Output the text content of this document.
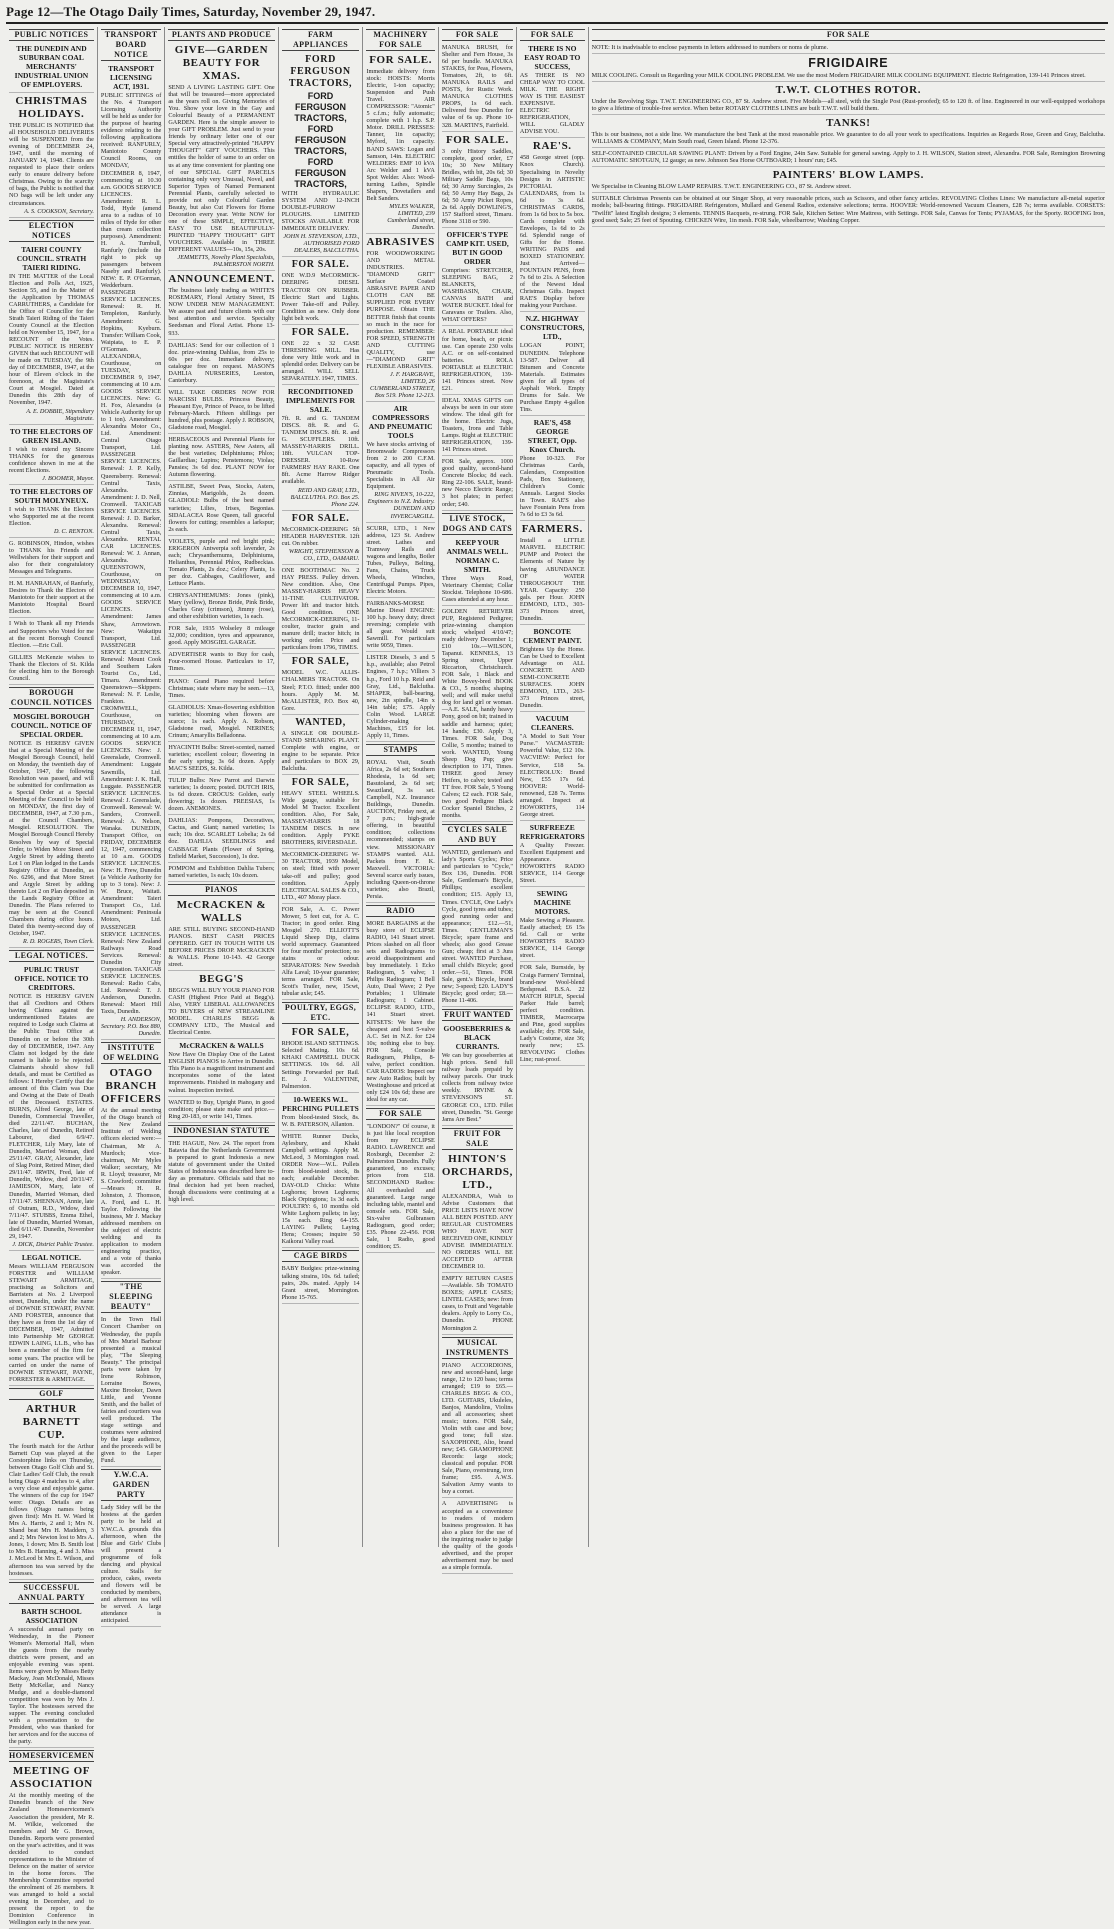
Page 12—The Otago Daily Times, Saturday, November 29, 1947.
PUBLIC NOTICES
THE DUNEDIN AND SUBURBAN COAL MERCHANTS' INDUSTRIAL UNION OF EMPLOYERS.
CHRISTMAS HOLIDAYS.

THE PUBLIC IS NOTIFIED that all HOUSEHOLD DELIVERIES will be SUSPENDED from the evening of DECEMBER 24, 1947, until the morning of JANUARY 14, 1948. Clients are requested to place their orders early to ensure delivery before Christmas. Owing to the scarcity of bags, the Public is notified that NO bags will be left under any circumstances.

A. S. COOKSON, Secretary.
ELECTION NOTICES
TAIERI COUNTY COUNCIL. STRATH TAIERI RIDING.

IN THE MATTER of the Local Election and Polls Act, 1925, Section 55, and in the Matter of the Application by THOMAS CARRUTHERS, a Candidate for the Office of Councillor for the Strath Taieri Riding of the Taieri County Council at the Election held on November 15, 1947, for a RECOUNT of the Votes. PUBLIC NOTICE IS HEREBY GIVEN that such RECOUNT will be made on TUESDAY, the 9th day of DECEMBER, 1947, at the hour of Eleven o'clock in the forenoon, at the Magistrate's Court at Mosgiel. Dated at Dunedin this 28th day of November, 1947.

A. E. DOBBIE, Stipendiary Magistrate.
TO THE ELECTORS OF GREEN ISLAND.

I wish to extend my Sincere THANKS for the generous confidence shown in me at the recent Elections.

J. BOOMER, Mayor.
TO THE ELECTORS OF SOUTH MOLYNEUX.

I wish to THANK the Electors who Supported me at the recent Election.

D. C. RENTON.

G. ROBINSON, Hindon, wishes to THANK his Friends and Wellwishers for their support and also for their congratulatory Messages and Telegrams.

H. M. HANRAHAN, of Ranfurly, Desires to Thank the Electors of Maniototo for their support at the Maniototo Hospital Board Election.

I Wish to Thank all my Friends and Supporters who Voted for me at the recent Borough Council Election. —Eric Cull.

GILLIES McKenzie wishes to Thank the Electors of St. Kilda for electing him to the Borough Council.

BOROUGH COUNCIL NOTICES
MOSGIEL BOROUGH COUNCIL. NOTICE OF SPECIAL ORDER.

NOTICE IS HEREBY GIVEN that at a Special Meeting of the Mosgiel Borough Council, held on Monday, the twentieth day of October, 1947, the following Resolution was passed, and will be submitted for confirmation as a Special Order at a Special Meeting of the Council to be held on MONDAY, the first day of DECEMBER, 1947, at 7.30 p.m., at the Council Chambers, Mosgiel. RESOLUTION. The Mosgiel Borough Council Hereby Resolves by way of Special Order, to Widen More Street and Argyle Street by adding thereto Lot 1 on Plan lodged in the Lands Registry Office at Dunedin, as No. 6296, and that More Street and Argyle Street by adding thereto Lot 2 on Plan deposited in the Lands Registry Office at Dunedin. The Plans referred to may be seen at the Council Chambers during office hours. Dated this twenty-second day of October, 1947.

R. D. ROGERS, Town Clerk.
LEGAL NOTICES.
PUBLIC TRUST OFFICE. NOTICE TO CREDITORS.

NOTICE IS HEREBY GIVEN that all Creditors and Others having Claims against the undermentioned Estates are required to Lodge such Claims at the Public Trust Office at Dunedin on or before the 30th day of DECEMBER, 1947. Any Claim not lodged by the date named is liable to be rejected. Claimants should show full details, and must be Certified as follows: I Hereby Certify that the amount of this Claim was Due and Owing at the Date of Death of the Deceased. ESTATES. BURNS, Alfred George, late of Dunedin, Commercial Traveller, died 22/11/47. BUCHAN, Charles, late of Dunedin, Retired Labourer, died 6/9/47. FLETCHER, Lily Mary, late of Dunedin, Married Woman, died 25/11/47. GRAY, Alexander, late of Slag Point, Retired Miner, died 29/11/47. IRWIN, Fred, late of Dunedin, Widow, died 20/11/47. JAMIESON, Mary, late of Dunedin, Married Woman, died 17/11/47. SHENNAN, Annie, late of Outram, R.D., Widow, died 7/11/47. STUBBS, Emma Ethel, late of Dunedin, Married Woman, died 6/11/47. Dunedin, November 29, 1947.

J. DICK, District Public Trustee.
LEGAL NOTICE.

Messrs WILLIAM FERGUSON FORSTER and WILLIAM STEWART ARMITAGE, practising as Solicitors and Barristers at No. 2 Liverpool street, Dunedin, under the name of DOWNIE STEWART, PAYNE AND FORSTER, announce that they have as from the 1st day of DECEMBER, 1947, Admitted into Partnership Mr GEORGE EDWIN LAING, LL.B., who has been a member of the firm for some years. The practice will be carried on under the name of DOWNIE STEWART, PAYNE, FORRESTER & ARMITAGE.

GOLF
ARTHUR BARNETT CUP.

The fourth match for the Arthur Barnett Cup was played at the Corstorphine links on Thursday, between Otago Golf Club and St. Clair Ladies' Golf Club, the result being Otago 4 matches to 4, after a very close and enjoyable game. The winners of the cup for 1947 were: Otago. Details are as follows (Otago names being given first): Mrs H. W. Ward bt Mrs A. Harris, 2 and 1; Mrs N. Shand beat Mrs H. Maddern, 3 and 2; Mrs Newton lost to Mrs A. Jones, 1 down; Mrs B. Smith lost to Mrs B. Hanning, 4 and 3. Miss J. McLeod bt Mrs E. Wilson, and afternoon tea was served by the hostesses.

SUCCESSFUL ANNUAL PARTY
BARTH SCHOOL ASSOCIATION

A successful annual party on Wednesday, in the Pioneer Women's Memorial Hall, when the guests from the nearby districts were present, and an enjoyable evening was spent. Items were given by Misses Betty Mackay, Joan McDonald, Misses Betty McKellar, and Nancy Mudge, and a double-diamond competition was won by Mrs J. Taylor. The hostesses served the supper. The evening concluded with a presentation to the President, who was thanked for her services and for the success of the party.

HOMESERVICEMEN
MEETING OF ASSOCIATION

At the monthly meeting of the Dunedin branch of the New Zealand Homeservicemen's Association the president, Mr R. M. Wilkie, welcomed the members and Mr G. Brown, Dunedin. Reports were presented on the year's activities, and it was decided to conduct representations to the Minister of Defence on the matter of service in the home forces. The Membership Committee reported the enrolment of 26 members. It was arranged to hold a social evening in December, and to present the report to the Dominion Conference in Wellington early in the new year.

TRANSPORT BOARD NOTICE
TRANSPORT LICENSING ACT, 1931.

PUBLIC SITTINGS of the No. 4 Transport Licensing Authority will be held as under for the purpose of hearing evidence relating to the following applications received: RANFURLY, Maniototo County Council Rooms, on MONDAY, DECEMBER 8, 1947, commencing at 10.30 a.m. GOODS SERVICE LICENCES. Amendment: R. L. Todd, Hyde (amend area to a radius of 10 miles of Hyde for other than cream collection purposes). Amendment: H. A. Turnbull, Ranfurly (include the right to pick up passengers between Naseby and Ranfurly). NEW: E. P. O'Gorman, Wedderburn. PASSENGER SERVICE LICENCES. Renewal: R. H. Templeton, Ranfurly. Amendment: G. Hopkins, Kyeburn. Transfer: William Cook, Waipiata, to E. P. O'Gorman. ALEXANDRA, Courthouse, on TUESDAY, DECEMBER 9, 1947, commencing at 10 a.m. GOODS SERVICE LICENCES. New: G. H. Fox, Alexandra (a Vehicle Authority for up to 1 ton). Amendment: Alexandra Motor Co., Ltd. Amendment: Central Otago Transport, Ltd. PASSENGER SERVICE LICENCES. Renewal: J. P. Kelly, Queensberry. Renewal: Central Taxis, Alexandra. Amendment: J. D. Nell, Cromwell. TAXICAB SERVICE LICENCES. Renewal: J. D. Barker, Alexandra. Renewal: Central Taxis, Alexandra. RENTAL CAR LICENCES. Renewal: W. J. Annan, Alexandra. QUEENSTOWN, Courthouse, on WEDNESDAY, DECEMBER 10, 1947, commencing at 10 a.m. GOODS SERVICE LICENCES. Amendment: James Shaw, Arrowtown. New: Wakatipu Transport, Ltd. PASSENGER SERVICE LICENCES. Renewal: Mount Cook and Southern Lakes Tourist Co., Ltd., Timaru. Amendment: Queenstown—Skippers. Renewal: N. F. Leslie, Frankton. CROMWELL, Courthouse, on THURSDAY, DECEMBER 11, 1947, commencing at 10 a.m. GOODS SERVICE LICENCES. New: J. Greenslade, Cromwell. Amendment: Luggate Sawmills, Ltd. Amendment: J. K. Hall, Luggate. PASSENGER SERVICE LICENCES. Renewal: J. Greenslade, Cromwell. Renewal: W. Sanders, Cromwell. Renewal: A. Nelson, Wanaka. DUNEDIN, Transport Office, on FRIDAY, DECEMBER 12, 1947, commencing at 10 a.m. GOODS SERVICE LICENCES. New: H. Frew, Dunedin (a Vehicle Authority for up to 3 tons). New: J. W. Bruce, Waitati. Amendment: Taieri Transport Co., Ltd. Amendment: Peninsula Motors, Ltd. PASSENGER SERVICE LICENCES. Renewal: New Zealand Railways Road Services. Renewal: Dunedin City Corporation. TAXICAB SERVICE LICENCES. Renewal: Radio Cabs, Ltd. Renewal: T. J. Anderson, Dunedin. Renewal: Maori Hill Taxis, Dunedin.

H. ANDERSON, Secretary. P.O. Box 880, Dunedin.
INSTITUTE OF WELDING
OTAGO BRANCH OFFICERS

At the annual meeting of the Otago branch of the New Zealand Institute of Welding officers elected were:—Chairman, Mr A. Murdoch; vice-chairman, Mr Myles Walker; secretary, Mr R. Lloyd; treasurer, Mr S. Crawford; committee—Messrs H. R. Johnston, J. Thomson, A. Ford, and L. H. Taylor. Following the business, Mr J. Mackay addressed members on the subject of electric welding and its application to modern engineering practice, and a vote of thanks was accorded the speaker.

"THE SLEEPING BEAUTY"

In the Town Hall Concert Chamber on Wednesday, the pupils of Mrs Muriel Barbour presented a musical play, "The Sleeping Beauty." The principal parts were taken by Irene Robinson, Lorraine Bowes, Maxine Brooker, Dawn Little, and Yvonne Smith, and the ballet of fairies and courtiers was well produced. The stage settings and costumes were admired by the large audience, and the proceeds will be given to the Leper Fund.

Y.W.C.A. GARDEN PARTY

Lady Sidey will be the hostess at the garden party to be held at Y.W.C.A. grounds this afternoon, when the Blue and Girls' Clubs will present a programme of folk dancing and physical culture. Stalls for produce, cakes, sweets and flowers will be conducted by members, and afternoon tea will be served. A large attendance is anticipated.

PLANTS AND PRODUCE
GIVE—GARDEN BEAUTY FOR XMAS.

SEND A LIVING LASTING GIFT. One that will be treasured—more appreciated as the years roll on. Giving Memories of You. Show your love in the Gay and Colourful Beauty of a PERMANENT GARDEN. Here is the simple answer to your GIFT PROBLEM. Just send to your friends by ordinary letter one of our Special very attractively-printed "HAPPY THOUGHT" GIFT VOUCHERS. This entitles the holder of same to an order on us at any time convenient for planting one of our SPECIAL GIFT PARCELS containing only very Unusual, Novel, and Superior Types of Named Permanent Perennial Plants, carefully selected to provide not only Colourful Garden Beauty, but also Cut Flowers for Home Decoration every year. Write NOW for one of these SIMPLE, EFFECTIVE, EASY TO USE BEAUTIFULLY-PRINTED "HAPPY THOUGHT" GIFT VOUCHERS. Available in THREE DIFFERENT VALUES—10s, 15s, 20s.

JEMMETTS, Novelty Plant Specialists, PALMERSTON NORTH.
ANNOUNCEMENT.

The business lately trading as WHITE'S ROSEMARY, Floral Artistry Street, IS NOW UNDER NEW MANAGEMENT. We assure past and future clients with our best attention and service. Specialty Seedsman and Floral Artist. Phone 13-933.

DAHLIAS: Send for our collection of 1 doz. prize-winning Dahlias, from 25s to 60s per doz. Immediate delivery; catalogue free on request. MASON'S DAHLIA NURSERIES, Leeston, Canterbury.

WILL TAKE ORDERS NOW FOR NARCISSI BULBS. Princess Beauty, Pheasant Eye, Prince of Peace, to be lifted February-March. Fifteen shillings per hundred, plus postage. Apply J. ROBSON, Gladstone road, Mosgiel.

HERBACEOUS and Perennial Plants for planting now. ASTERS, New Asters, all the best varieties; Delphiniums; Phlox; Gaillardias; Lupins; Penstemons; Violas; Pansies; 3s 6d doz. PLANT NOW for Autumn flowering.

ASTILBE, Sweet Peas, Stocks, Asters, Zinnias, Marigolds, 2s dozen. GLADIOLI: Bulbs of the best named varieties; Lilies, Irises, Begonias. SIDALACEA Rose Queen, tall graceful flowers for cutting; resembles a larkspur; 2s each.

VIOLETS, purple and red bright pink; ERIGERON Antwerpia soft lavender, 2s each; Chrysanthemums, Delphiniums, Helianthus, Perennial Phlox, Rudbeckias. Tomato Plants, 2s doz.; Celery Plants, 1s per doz. Cabbages, Cauliflower, and Lettuce Plants.

CHRYSANTHEMUMS: Jones (pink), Mary (yellow), Bronze Bride, Pink Bride, Charles Gray (crimson), Jimmy (rose), and other exhibition varieties, 1s each.

FOR Sale, 1935 Wolseley 8 mileage 32,000; condition, tyres and appearance, good. Apply MOSGIEL GARAGE.

ADVERTISER wants to Buy for cash, Four-roomed House. Particulars to 17, Times.

PIANO: Grand Piano required before Christmas; state where may be seen.—13, Times.

GLADIOLUS: Xmas-flowering exhibition varieties; blooming when flowers are scarce; 1s each. Apply A. Robson, Gladstone road, Mosgiel. NERINES; Crinum; Amaryllis Belladonna.

HYACINTH Bulbs: Street-scented, named varieties; excellent colour; flowering in the early spring; 3s 6d dozen. Apply MAC'S SEEDS, St. Kilda.

TULIP Bulbs: New Parrot and Darwin varieties; 1s dozen; posted. DUTCH IRIS, 1s 6d dozen. CROCUS: Golden, early flowering; 1s dozen. FREESIAS, 1s dozen. ANEMONES.

DAHLIAS: Pompons, Decoratives, Cactus, and Giant; named varieties; 1s each; 10s doz. SCARLET Lobelia; 2s 6d doz. DAHLIA SEEDLINGS and CABBAGE Plants (Flower of Spring, Enfield Market, Succession), 1s doz.

POMPOM and Exhibition Dahlia Tubers; named varieties, 1s each; 10s dozen.

PIANOS
McCRACKEN & WALLS

ARE STILL BUYING SECOND-HAND PIANOS. BEST CASH PRICES OFFERED. GET IN TOUCH WITH US BEFORE PRICES DROP. McCRACKEN & WALLS. Phone 10-143. 42 George street.

BEGG'S

BEGG'S WILL BUY YOUR PIANO FOR CASH (Highest Price Paid at Begg's). Also, VERY LIBERAL ALLOWANCES TO BUYERS of NEW STREAMLINE MODEL. CHARLES BEGG & COMPANY LTD., The Musical and Electrical Centre.

McCRACKEN & WALLS

Now Have On Display One of the Latest ENGLISH PIANOS to Arrive in Dunedin. This Piano is a magnificent instrument and incorporates some of the latest improvements. Finished in mahogany and walnut. Inspection invited.

WANTED to Buy, Upright Piano, in good condition; please state make and price.—Ring 20-183, or write 141, Times.

INDONESIAN STATUTE

THE HAGUE, Nov. 24. The report from Batavia that the Netherlands Government is prepared to grant Indonesia a new statute of government under the United States of Indonesia was described here to-day as premature. Officials said that no final decision had yet been reached, though discussions were continuing at a high level.

FARM APPLIANCES
FORD FERGUSON TRACTORS,
FORD FERGUSON TRACTORS,
FORD FERGUSON TRACTORS,
FORD FERGUSON TRACTORS,

WITH HYDRAULIC SYSTEM AND 12-INCH DOUBLE-FURROW PLOUGHS. LIMITED STOCKS AVAILABLE FOR IMMEDIATE DELIVERY.

JOHN H. STEVENSON, LTD., AUTHORISED FORD DEALERS, BALCLUTHA.
FOR SALE.

ONE W.D.9 McCORMICK-DEERING DIESEL TRACTOR ON RUBBER. Electric Start and Lights. Power Take-off and Pulley. Condition as new. Only done light belt work.

FOR SALE.

ONE 22 x 32 CASE THRESHING MILL. Has done very little work and in splendid order. Delivery can be arranged. WILL SELL SEPARATELY. 1947, TIMES.

RECONDITIONED IMPLEMENTS FOR SALE.

7ft. R. and G. TANDEM DISCS. 8ft. R. and G. TANDEM DISCS. 8ft. R. and G. SCUFFLERS. 10ft. MASSEY-HARRIS DRILL. 18ft. VULCAN TOP-DRESSER. 10-Row FARMERS' HAY RAKE. One 8ft. Acme Harrow Ridger available.

REID AND GRAY, LTD., BALCLUTHA. P.O. Box 25. Phone 224.
FOR SALE.

McCORMICK-DEERING 5ft HEADER HARVESTER. 12ft cut. On rubber.

WRIGHT, STEPHENSON & CO., LTD., OAMARU.

ONE BOOTHMAC No. 2 HAY PRESS. Pulley driven. New condition. Also, One MASSEY-HARRIS HEAVY 11-TINE CULTIVATOR. Power lift and tractor hitch. Good condition. ONE McCORMICK-DEERING, 11-coulter, tractor grain and manure drill; tractor hitch; in working order. Price and particulars from 1796, TIMES.

FOR SALE,

MODEL W.C. ALLIS-CHALMERS TRACTOR. On Steel; P.T.O. fitted; under 800 hours. Apply M. M. McALLISTER, P.O. Box 40, Gore.

WANTED,

A SINGLE OR DOUBLE-STAND SHEARING PLANT. Complete with engine, or engine to be separate. Price and particulars to BOX 29, Balclutha.

FOR SALE,

HEAVY STEEL WHEELS. Wide gauge, suitable for Model M Tractor. Excellent condition. Also, For Sale, MASSEY-HARRIS 18 TANDEM DISCS. In new condition. Apply PYKE BROTHERS, RIVERSDALE.

McCORMICK-DEERING W-30 TRACTOR, 1939 Model, on steel; fitted with power take-off and pulley; good condition. Apply ELECTRICAL SALES & CO., LTD., 407 Moray place.

FOR Sale, A. C. Power Mower, 5 feet cut, for A. C. Tractor; in good order. Ring Mosgiel 270. ELLIOTT'S Liquid Sheep Dip, claims world supremacy. Guaranteed for four months' protection; no stains or odour. SEPARATORS: New Swedish Alfa Laval; 10-year guarantee; terms arranged. FOR Sale, Scott's Trailer, new, 15cwt, tubular axle; £45.

POULTRY, EGGS, ETC.
FOR SALE,

RHODE ISLAND SETTINGS. Selected Mating. 10s 6d. KHAKI CAMPBELL DUCK SETTINGS. 10s 6d. All Settings Forwarded per Rail. E. J. VALENTINE, Palmerston.

10-WEEKS W.L. PERCHING PULLETS

From blood-tested Stock, 8s. W. B. PATERSON, Allanton.

WHITE Runner Ducks, Aylesbury, and Khaki Campbell settings. Apply M. McLeod, 3 Mornington road. ORDER Now—W.L. Pullets from blood-tested stock, 8s each; available December. DAY-OLD Chicks: White Leghorns; brown Leghorns; Black Orpingtons; 1s 3d each. POULTRY: 6, 10 months old White Leghorn pullets; in lay; 15s each. Ring 64-155. LAYING Pullets; Laying Hens; Crosses; inquire 50 Kaikorai Valley road.

CAGE BIRDS

BABY Budgies: prize-winning talking strains, 10s. 6d. tailed; pairs, 20s. mated. Apply 14 Grant street, Mornington. Phone 15-765.

MACHINERY FOR SALE
FOR SALE.

Immediate delivery from stock: HOISTS: Morris Electric, 1-ton capacity; Suspension and Push Travel. AIR COMPRESSOR: "Atomic" 5 c.f.m.; fully automatic; complete with 1 h.p. S.P. Motor. DRILL PRESSES: Tanner, 1in capacity; Myford, 1in capacity. BAND SAWS: Logan and Samson, 14in. ELECTRIC WELDERS: EMF 10 kVA Arc Welder and 1 kVA Spot Welder. Also: Wood-turning Lathes, Spindle Shapers, Dovetailers and Belt Sanders.

MYLES WALKER, LIMITED, 239 Cumberland street, Dunedin.
ABRASIVES

FOR WOODWORKING AND METAL INDUSTRIES. "DIAMOND GRIT" Surface Coated ABRASIVE PAPER AND CLOTH CAN BE SUPPLIED FOR EVERY PURPOSE. Obtain THE BETTER finish that counts so much in the race for production. REMEMBER: FOR SPEED, STRENGTH AND CUTTING QUALITY, use—"DIAMOND GRIT" FLEXIBLE ABRASIVES.

J. F. HARGRAVE, LIMITED, 26 CUMBERLAND STREET, Box 519. Phone 12-213.
AIR COMPRESSORS AND PNEUMATIC TOOLS

We have stocks arriving of Broomwade Compressors from 2 to 200 C.F.M. capacity, and all types of Pneumatic Tools. Specialists in All Air Equipment.

RING NIVEN'S, 10-222, Engineers to N.Z. Industry. DUNEDIN AND INVERCARGILL.

SCURR, LTD., 1 New address, 123 St. Andrew street. Lathes and Tramway Rails and wagons and lengths, Boiler Tubes, Pulleys, Belting, Fans, Chains, Truck Wheels, Winches, Centrifugal Pumps. Pipes, Electric Motors.

FAIRBANKS-MORSE Marine Diesel ENGINE: 100 h.p. heavy duty; direct reversing; complete with all gear. Would suit Sawmill. For particulars write 9059, Times.

LISTER Diesels, 3 and 5 h.p., available; also Petrol Engines, 7 h.p.; Villiers 3 h.p., Ford 10 h.p. Reid and Gray, Ltd., Balclutha. SHAPER, ball-bearing, new, 2in spindle, 14in x 14in table; £75. Apply Colin Wood. LARGE Cylinder-making Machines, £15 for lot. Apply 11, Times.

STAMPS

ROYAL Visit, South Africa, 2s 6d set; Southern Rhodesia, 1s 6d set; Basutoland, 2s 6d set; Swaziland, 3s set. Campbell, N.Z. Insurance Buildings, Dunedin. AUCTION, Friday next, at 7 p.m.; high-grade offering, in beautiful condition; collections recommended; stamps on view. MISSIONARY STAMPS wanted. ALL Packets from F. K. Maxwell. VICTORIA: Several scarce early issues, including Queen-on-throne varieties; also Brazil, Persia.

RADIO

MORE BARGAINS at the busy store of ECLIPSE RADIO, 141 Stuart street. Prices slashed on all floor sets and Radiograms to avoid disappointment and buy immediately. 1 Ecko Radiogram, 5 valve; 1 Philips Radiogram; 1 Bell Auto, Dual Wave; 2 Pye Portables; 1 Ultimate Radiogram; 1 Cabinet. ECLIPSE RADIO, LTD., 141 Stuart street. KITSETS: We have the cheapest and best 5-valve A.C. Set in N.Z. for £24 10s; nothing else to buy. FOR Sale, Console Radiogram, Philips, 8-valve, perfect condition. CAR RADIOS: Inspect our new Auto Radios; built by Westinghouse and priced at only £24 10s 6d; these are ideal for any car.

FOR SALE

"LONDON?" Of course, it is just like local reception from my ECLIPSE RADIO. LAWRENCE and Roxburgh, December 2: Palmerston Dunedin. Fully guaranteed, no excuses; prices from £18. SECONDHAND Radios: All overhauled and guaranteed. Large range including table, mantel and console sets. FOR Sale, Six-valve Gulbransen Radiogram, good order; £35. Phone 22-456. FOR Sale, 1 Radio, good condition; £5.

FOR SALE

MANUKA BRUSH, for Shelter and Fern House, 3s 6d per bundle. MANUKA STAKES, for Peas, Flowers, Tomatoes, 2ft, to 6ft. MANUKA RAILS and POSTS, for Rustic Work. MANUKA CLOTHES PROPS, 1s 6d each. Delivered free Dunedin for value of 6s up. Phone 10-328. MARTIN'S, Fairfield.

FOR SALE.

3 only History Saddles, complete, good order, £7 10s; 30 New Military Bridles, with bit, 20s 6d; 30 Military Saddle Bags, 10s 6d; 30 Army Surcingles, 2s 6d; 50 Army Hay Bags, 2s 6d; 50 Army Picket Ropes, 2s 6d. Apply DOWLING'S, 157 Stafford street, Timaru. Phone 3118 or 590.

OFFICER'S TYPE CAMP KIT. USED, BUT IN GOOD ORDER

Comprises: STRETCHER, SLEEPING BAG, 2 BLANKETS, WASHBASIN, CHAIR, CANVAS BATH and WATER BUCKET. Ideal for Caravans or Trailers. Also, WHAT OFFERS?

A REAL PORTABLE ideal for home, beach, or picnic use. Can operate 230 volts A.C. or on self-contained batteries. ROLA PORTABLE at ELECTRIC REFRIGERATION, 139-141 Princes street. Now £21.

IDEAL XMAS GIFTS can always be seen in our store window. The ideal gift for the home. Electric Jugs, Toasters, Irons and Table Lamps. Right at ELECTRIC REFRIGERATION, 139-141 Princes street.

FOR Sale, approx. 1000 good quality, second-hand Concrete Blocks; 8d each. Ring 22-106. SALE, brand-new Necco Electric Range; 3 hot plates; in perfect order; £40.

LIVE STOCK, DOGS AND CATS
KEEP YOUR ANIMALS WELL. NORMAN C. SMITH.

Three Ways Road, Veterinary Chemist; Collar Stockist. Telephone 10-686. Cases attended at any hour.

GOLDEN RETRIEVER PUP, Registered Pedigree; prize-winning champion stock; whelped 4/10/47; ready delivery December 1; £10 10s.—WILSON, Tapanui. KENNELS, 13 Spring street, Upper Riccarton, Christchurch. FOR Sale, 1 Black and White Bovey-bred BOOK & CO., 5 months; shaping well; and will make useful dog for land girl or woman.—A.E. SALE, handy heavy Pony, good on bit; trained in saddle and harness; quiet; 14 hands; £30. Apply 3, Times. FOR Sale, Dog Collie, 5 months; trained to work. WANTED, Young Sheep Dog Pup; give description to 171, Times. THREE good Jersey Heifers, to calve; tested and TT free. FOR Sale, 5 Young Calves; £2 each. FOR Sale, two good Pedigree Black Cocker Spaniel Bitches, 2 months.

CYCLES SALE AND BUY

WANTED, gentleman's and lady's Sports Cycles; Price and particulars to "Cycle," Box 136, Dunedin. FOR Sale, Gentleman's Bicycle, Phillips; excellent condition; £15. Apply 13, Times. CYCLE, One Lady's Cycle, good tyres and tubes; good running order and appearance; £12.—51, Times. GENTLEMAN'S Bicycle; spare frame and wheels; also good Grease Gun; cheap; first at 3 Jura street. WANTED Purchase, small child's Bicycle; good order.—51, Times. FOR Sale, gent.'s Bicycle, brand new; 3-speed; £20. LADY'S Bicycle; good order; £8.—Phone 11-406.

FRUIT WANTED
GOOSEBERRIES & BLACK CURRANTS.

We can buy gooseberries at high prices. Send full railway loads prepaid by railway parcels. Our truck collects from railway twice weekly. IRVINE & STEVENSON'S ST. GEORGE CO., LTD. Fillet street, Dunedin. "St. George Jams Are Best."

FRUIT FOR SALE
HINTON'S ORCHARDS, LTD.,

ALEXANDRA, Wish to Advise Customers that PRICE LISTS HAVE NOW ALL BEEN POSTED. ANY REGULAR CUSTOMERS WHO HAVE NOT RECEIVED ONE, KINDLY ADVISE IMMEDIATELY. NO ORDERS WILL BE ACCEPTED AFTER DECEMBER 10.

EMPTY RETURN CASES—Available. 5lb TOMATO BOXES; APPLE CASES; LINTEL CASES; new: from cases, to Fruit and Vegetable dealers. Apply to Lorry Co., Dunedin. PHONE Mornington 2.

MUSICAL INSTRUMENTS

PIANO ACCORDIONS, new and second-hand, large range, 12 to 120 bass; terms arranged; £19 to £65.—CHARLES BEGG & CO., LTD. GUITARS, Ukuleles, Banjos, Mandolins, Violins and all accessories; sheet music; tutors. FOR Sale, Violin with case and bow; good tone; full size. SAXOPHONE, Alto, brand new; £45. GRAMOPHONE Records: large stock; classical and popular. FOR Sale, Piano, overstrung, iron frame; £95. A.W.S. Salvation Army wants to buy a cornet.

A ADVERTISING is accepted as a convenience to readers of modern business progression. It has also a place for the use of the inquiring reader to judge the quality of the goods advertised, and the proper advertisement may be used as a simple formula.

FOR SALE
THERE IS NO EASY ROAD TO SUCCESS,

AS THERE IS NO CHEAP WAY TO COOL MILK. THE RIGHT WAY IS THE EASIEST EXPENSIVE. ELECTRIC REFRIGERATION, WILL GLADLY ADVISE YOU.

RAE'S.

458 George street (opp. Knox Church). Specialising in Novelty Designs in ARTISTIC PICTORIAL CALENDARS, from 1s 6d to 3s 6d. CHRISTMAS CARDS, from 1s 6d box to 5s box. Cards complete with Envelopes, 1s 6d to 2s 6d. Splendid range of Gifts for the Home. WRITING PADS and BOXED STATIONERY. Just Arrived—FOUNTAIN PENS, from 7s 6d to 21s. A Selection of the Newest Ideal Christmas Gifts. Inspect RAE'S Display before making your Purchase.

N.Z. HIGHWAY CONSTRUCTORS, LTD.,

LOGAN POINT, DUNEDIN. Telephone 13-587. Deliver all Bitumen and Concrete Materials. Estimates given for all types of Asphalt Work. Empty Drums for Sale. We Purchase Empty 4-gallon Tins.

RAE'S, 458 GEORGE STREET, Opp. Knox Church.

Phone 10-323. For Christmas Cards, Calendars, Composition Pads, Box Stationery, Children's Comic Annuals. Largest Stocks in Town. RAE'S also have Fountain Pens from 7s 6d to £3 3s 6d.

FARMERS.

Install a LITTLE MARVEL ELECTRIC PUMP and Protect the Elements of Nature by having ABUNDANCE OF WATER THROUGHOUT THE YEAR. Capacity: 250 gals. per Hour. JOHN EDMOND, LTD., 303-373 Princes street, Dunedin.

BONCOTE CEMENT PAINT.

Brightens Up the Home. Can be Used to Excellent Advantage on ALL CONCRETE AND SEMI-CONCRETE SURFACES. JOHN EDMOND, LTD., 263-373 Princes street, Dunedin.

VACUUM CLEANERS.

"A Model to Suit Your Purse." VACMASTER: Powerful Value, £12 10s. VACVIEW: Perfect for Service, £18 5s. ELECTROLUX: Brand New, £55 17s 6d. HOOVER: World-renowned, £28 7s. Terms arranged. Inspect at HOWORTH'S, 114 George street.

SURFREEZE REFRIGERATORS

A Quality Freezer. Excellent Equipment and Appearance. HOWORTH'S RADIO SERVICE, 114 George Street.

SEWING MACHINE MOTORS.

Make Sewing a Pleasure. Easily attached; £6 15s 6d. Call or write HOWORTH'S RADIO SERVICE, 114 George street.

FOR Sale, Burnside, by Craigs Farmers' Terminal, brand-new Wool-blend Bedspread. B.S.A. 22 MATCH RIFLE, Special Parker Hale barrel; perfect condition. TIMBER, Macrocarpa and Pine, good supplies available; dry. FOR Sale, Lady's Costume, size 36; nearly new; £5. REVOLVING Clothes Line; rust-proof.

FOR SALE

NOTE: It is inadvisable to enclose payments in letters addressed to numbers or noms de plume.

FRIGIDAIRE

MILK COOLING. Consult us Regarding your MILK COOLING PROBLEM. We use the most Modern FRIGIDAIRE MILK COOLING EQUIPMENT. Electric Refrigeration, 139-141 Princes street.

T.W.T. CLOTHES ROTOR.

Under the Revolving Sign. T.W.T. ENGINEERING CO., 87 St. Andrew street. Five Models—all steel, with the Single Post (Rust-proofed); 65 to 120 ft. of line. Engineered in our well-equipped workshops to give a lifetime of trouble-free service. When better ROTARY CLOTHES LINES are built T.W.T. will build them.

TANKS!

This is our business, not a side line. We manufacture the best Tank at the most reasonable price. We guarantee to do all your work to specifications. Inquiries as Regards Rose, Green and Gray, Balclutha. WILLIAMS & COMPANY, Main South road, Green Island. Phone 12-376.

SELF-CONTAINED CIRCULAR SAWING PLANT: Driven by a Ford Engine, 24in Saw. Suitable for general sawing. Apply to J. H. WILSON, Station street, Alexandra. FOR Sale, Remington Browning AUTOMATIC SHOTGUN, 12 gauge; as new. Johnson Sea Horse OUTBOARD; 1 hours' run; £45.

PAINTERS' BLOW LAMPS.

We Specialise in Cleaning BLOW LAMP REPAIRS. T.W.T. ENGINEERING CO., 87 St. Andrew street.

SUITABLE Christmas Presents can be obtained at our Singer Shop, at very reasonable prices, such as Scissors, and other fancy articles. REVOLVING Clothes Lines: We manufacture all-metal superior models; ball-bearing fittings. FRIGIDAIRE Refrigerators, Mullard and General Radios, extensive selections; terms. HOOVER: World-renowned Vacuum Cleaners, £28 7s; terms available. CORSETS: "Twilfit" latest English designs; 3 elements. TENNIS Racquets, re-strung. FOR Sale, Kitchen Settee: Wire Mattress, with Settings. FOR Sale, Canvas for Tents; PYJAMAS, for the Sporty. ROOFING Iron, good used; Sale; 25 feet of Spouting. CHICKEN Wire, 1in mesh. FOR Sale, wheelbarrow; Washing Copper.
